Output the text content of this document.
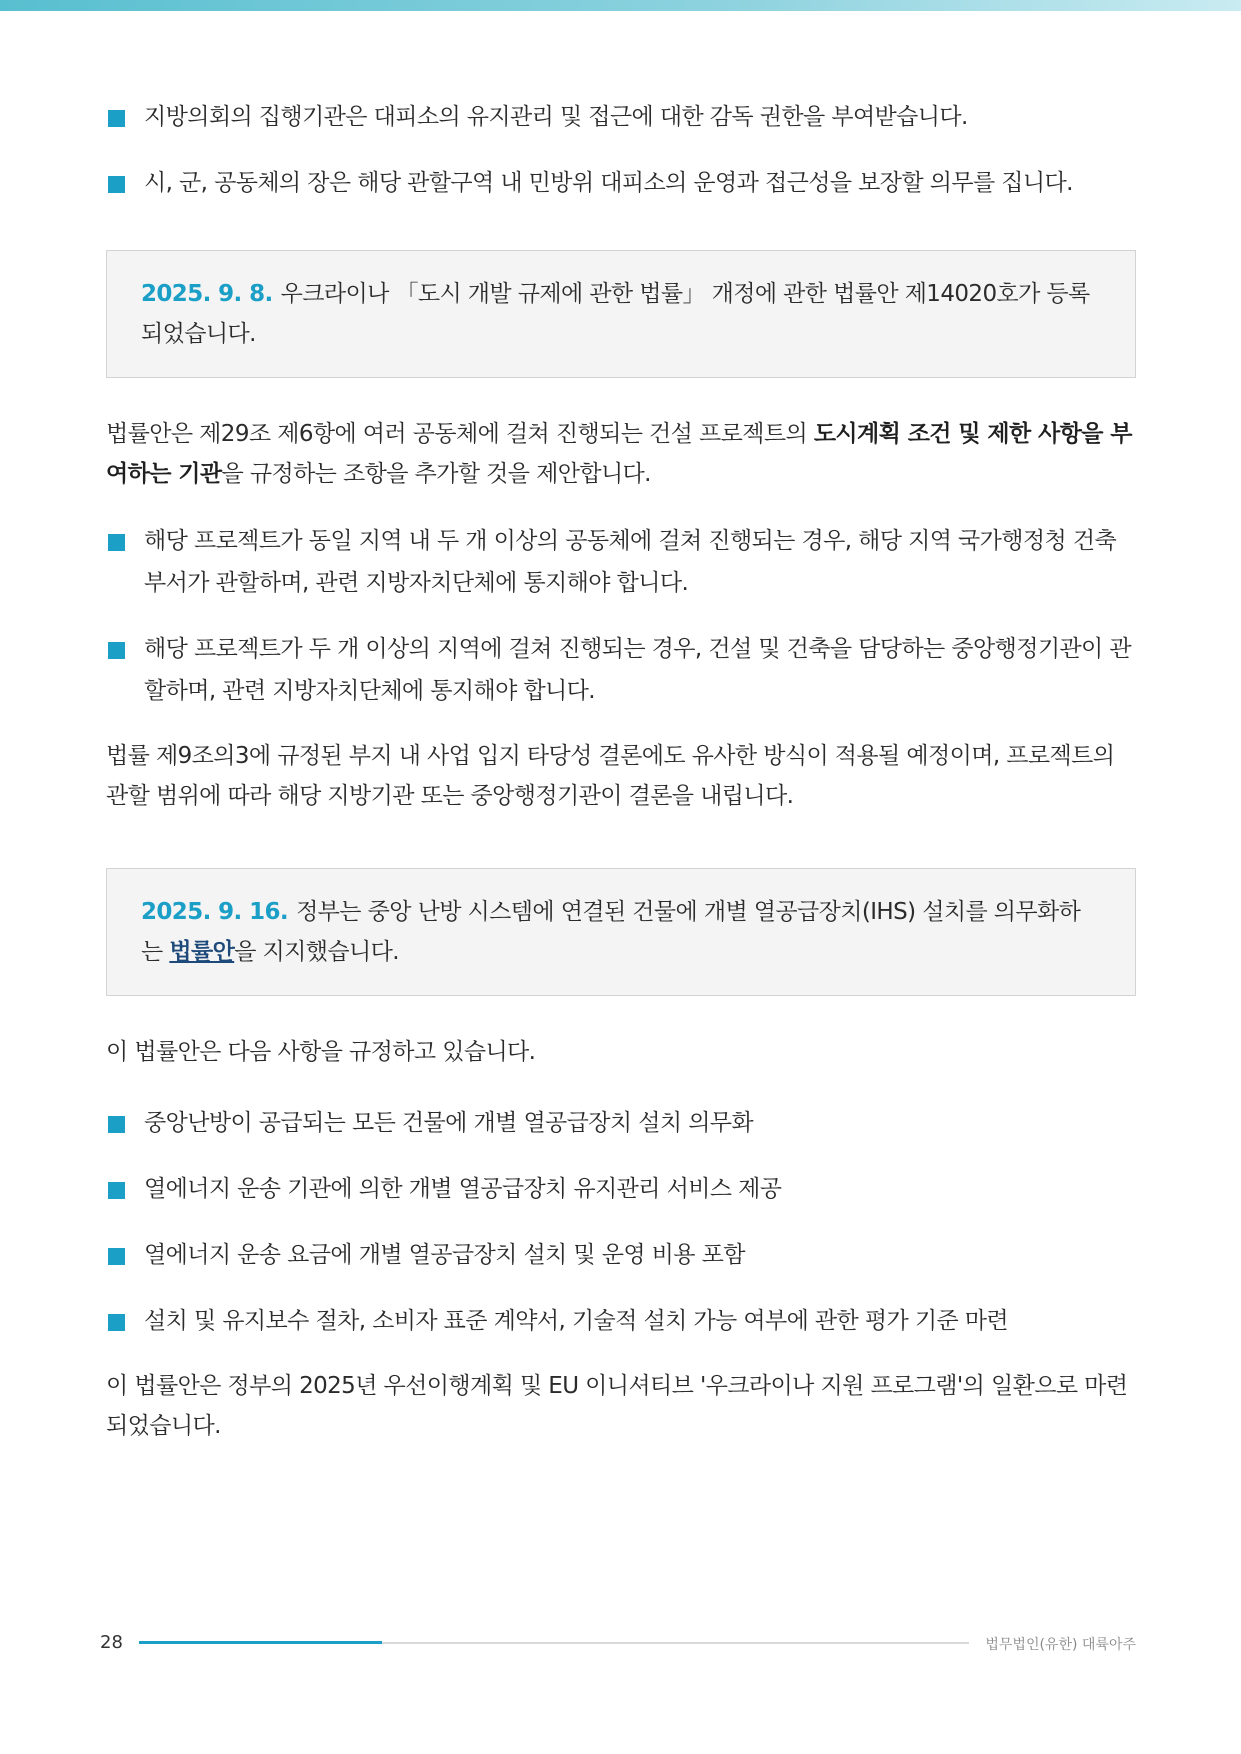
지방의회의 집행기관은 대피소의 유지관리 및 접근에 대한 감독 권한을 부여받습니다.
시, 군, 공동체의 장은 해당 관할구역 내 민방위 대피소의 운영과 접근성을 보장할 의무를 집니다.
2025. 9. 8. 우크라이나 「도시 개발 규제에 관한 법률」 개정에 관한 법률안 제14020호가 등록되었습니다.

법률안은 제29조 제6항에 여러 공동체에 걸쳐 진행되는 건설 프로젝트의 도시계획 조건 및 제한 사항을 부여하는 기관을 규정하는 조항을 추가할 것을 제안합니다.

해당 프로젝트가 동일 지역 내 두 개 이상의 공동체에 걸쳐 진행되는 경우, 해당 지역 국가행정청 건축부서가 관할하며, 관련 지방자치단체에 통지해야 합니다.
해당 프로젝트가 두 개 이상의 지역에 걸쳐 진행되는 경우, 건설 및 건축을 담당하는 중앙행정기관이 관할하며, 관련 지방자치단체에 통지해야 합니다.

법률 제9조의3에 규정된 부지 내 사업 입지 타당성 결론에도 유사한 방식이 적용될 예정이며, 프로젝트의 관할 범위에 따라 해당 지방기관 또는 중앙행정기관이 결론을 내립니다.

2025. 9. 16. 정부는 중앙 난방 시스템에 연결된 건물에 개별 열공급장치(IHS) 설치를 의무화하는 법률안을 지지했습니다.

이 법률안은 다음 사항을 규정하고 있습니다.

중앙난방이 공급되는 모든 건물에 개별 열공급장치 설치 의무화
열에너지 운송 기관에 의한 개별 열공급장치 유지관리 서비스 제공
열에너지 운송 요금에 개별 열공급장치 설치 및 운영 비용 포함
설치 및 유지보수 절차, 소비자 표준 계약서, 기술적 설치 가능 여부에 관한 평가 기준 마련

이 법률안은 정부의 2025년 우선이행계획 및 EU 이니셔티브 '우크라이나 지원 프로그램'의 일환으로 마련되었습니다.

28	법무법인(유한) 대륙아주
